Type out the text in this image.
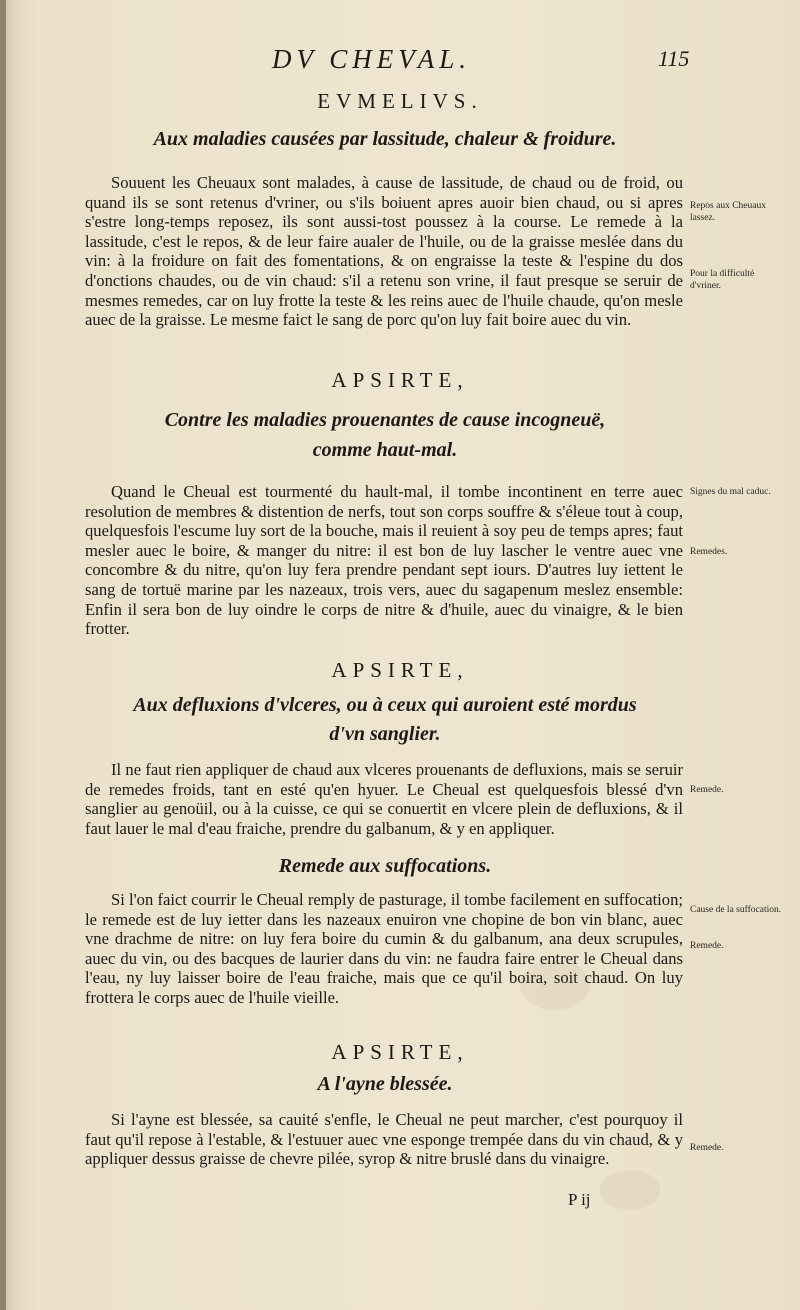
DV CHEVAL.	115
EVMELIVS.
Aux maladies causées par lassitude, chaleur & froidure.

Souuent les Cheuaux sont malades, à cause de lassitude, de chaud ou de froid, ou quand ils se sont retenus d'vriner, ou s'ils boiuent apres auoir bien chaud, ou si apres s'estre long-temps reposez, ils sont aussi-tost poussez à la course. Le remede à la lassitude, c'est le repos, & de leur faire aualer de l'huile, ou de la graisse meslée dans du vin: à la froidure on fait des fomentations, & on engraisse la teste & l'espine du dos d'onctions chaudes, ou de vin chaud: s'il a retenu son vrine, il faut presque se seruir de mesmes remedes, car on luy frotte la teste & les reins auec de l'huile chaude, qu'on mesle auec de la graisse. Le mesme faict le sang de porc qu'on luy fait boire auec du vin.

APSIRTE,
Contre les maladies prouenantes de cause incogneuë,
comme haut-mal.

Quand le Cheual est tourmenté du hault-mal, il tombe incontinent en terre auec resolution de membres & distention de nerfs, tout son corps souffre & s'éleue tout à coup, quelquesfois l'escume luy sort de la bouche, mais il reuient à soy peu de temps apres; faut mesler auec le boire, & manger du nitre: il est bon de luy lascher le ventre auec vne concombre & du nitre, qu'on luy fera prendre pendant sept iours. D'autres luy iettent le sang de tortuë marine par les nazeaux, trois vers, auec du sagapenum meslez ensemble: Enfin il sera bon de luy oindre le corps de nitre & d'huile, auec du vinaigre, & le bien frotter.

APSIRTE,
Aux defluxions d'vlceres, ou à ceux qui auroient esté mordus
d'vn sanglier.

Il ne faut rien appliquer de chaud aux vlceres prouenants de defluxions, mais se seruir de remedes froids, tant en esté qu'en hyuer. Le Cheual est quelquesfois blessé d'vn sanglier au genoüil, ou à la cuisse, ce qui se conuertit en vlcere plein de defluxions, & il faut lauer le mal d'eau fraiche, prendre du galbanum, & y en appliquer.

Remede aux suffocations.

Si l'on faict courrir le Cheual remply de pasturage, il tombe facilement en suffocation; le remede est de luy ietter dans les nazeaux enuiron vne chopine de bon vin blanc, auec vne drachme de nitre: on luy fera boire du cumin & du galbanum, ana deux scrupules, auec du vin, ou des bacques de laurier dans du vin: ne faudra faire entrer le Cheual dans l'eau, ny luy laisser boire de l'eau fraiche, mais que ce qu'il boira, soit chaud. On luy frottera le corps auec de l'huile vieille.

APSIRTE,
A l'ayne blessée.

Si l'ayne est blessée, sa cauité s'enfle, le Cheual ne peut marcher, c'est pourquoy il faut qu'il repose à l'estable, & l'estuuer auec vne esponge trempée dans du vin chaud, & y appliquer dessus graisse de chevre pilée, syrop & nitre bruslé dans du vinaigre.

Repos aux Cheuaux lassez.
Pour la difficulté d'vriner.
Signes du mal caduc.
Remedes.
Remede.
Cause de la suffocation.
Remede.
Remede.
P ij
